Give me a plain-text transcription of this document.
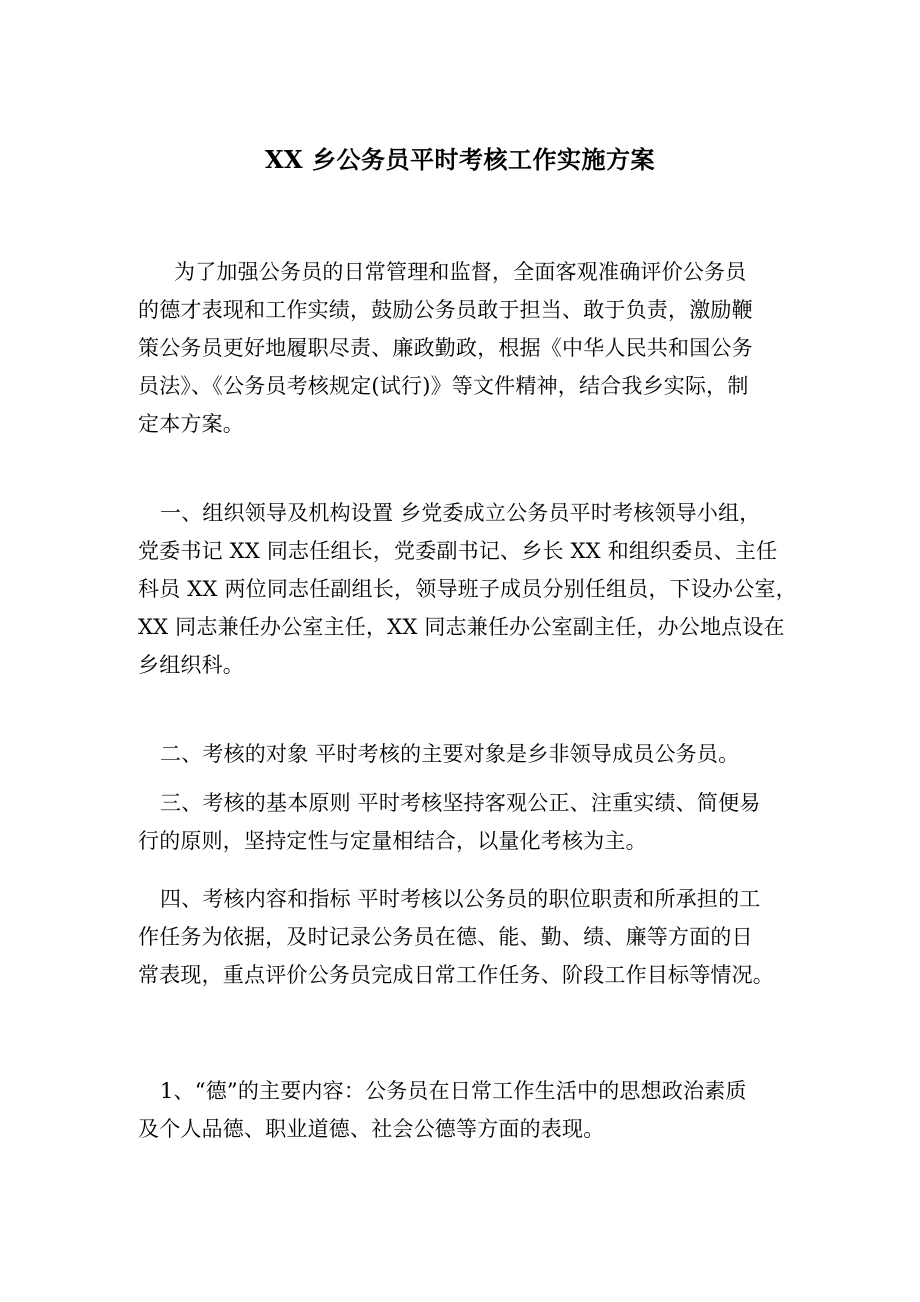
XX 乡公务员平时考核工作实施方案
为了加强公务员的日常管理和监督，全面客观准确评价公务员
的德才表现和工作实绩，鼓励公务员敢于担当、敢于负责，激励鞭
策公务员更好地履职尽责、廉政勤政，根据《中华人民共和国公务
员法》、《公务员考核规定(试行)》等文件精神，结合我乡实际，制
定本方案。
一、组织领导及机构设置 乡党委成立公务员平时考核领导小组，
党委书记 XX 同志任组长，党委副书记、乡长 XX 和组织委员、主任
科员 XX 两位同志任副组长，领导班子成员分别任组员，下设办公室，
XX 同志兼任办公室主任，XX 同志兼任办公室副主任，办公地点设在
乡组织科。
二、考核的对象 平时考核的主要对象是乡非领导成员公务员。
三、考核的基本原则 平时考核坚持客观公正、注重实绩、简便易
行的原则，坚持定性与定量相结合，以量化考核为主。
四、考核内容和指标 平时考核以公务员的职位职责和所承担的工
作任务为依据，及时记录公务员在德、能、勤、绩、廉等方面的日
常表现，重点评价公务员完成日常工作任务、阶段工作目标等情况。
1、“德”的主要内容：公务员在日常工作生活中的思想政治素质
及个人品德、职业道德、社会公德等方面的表现。
